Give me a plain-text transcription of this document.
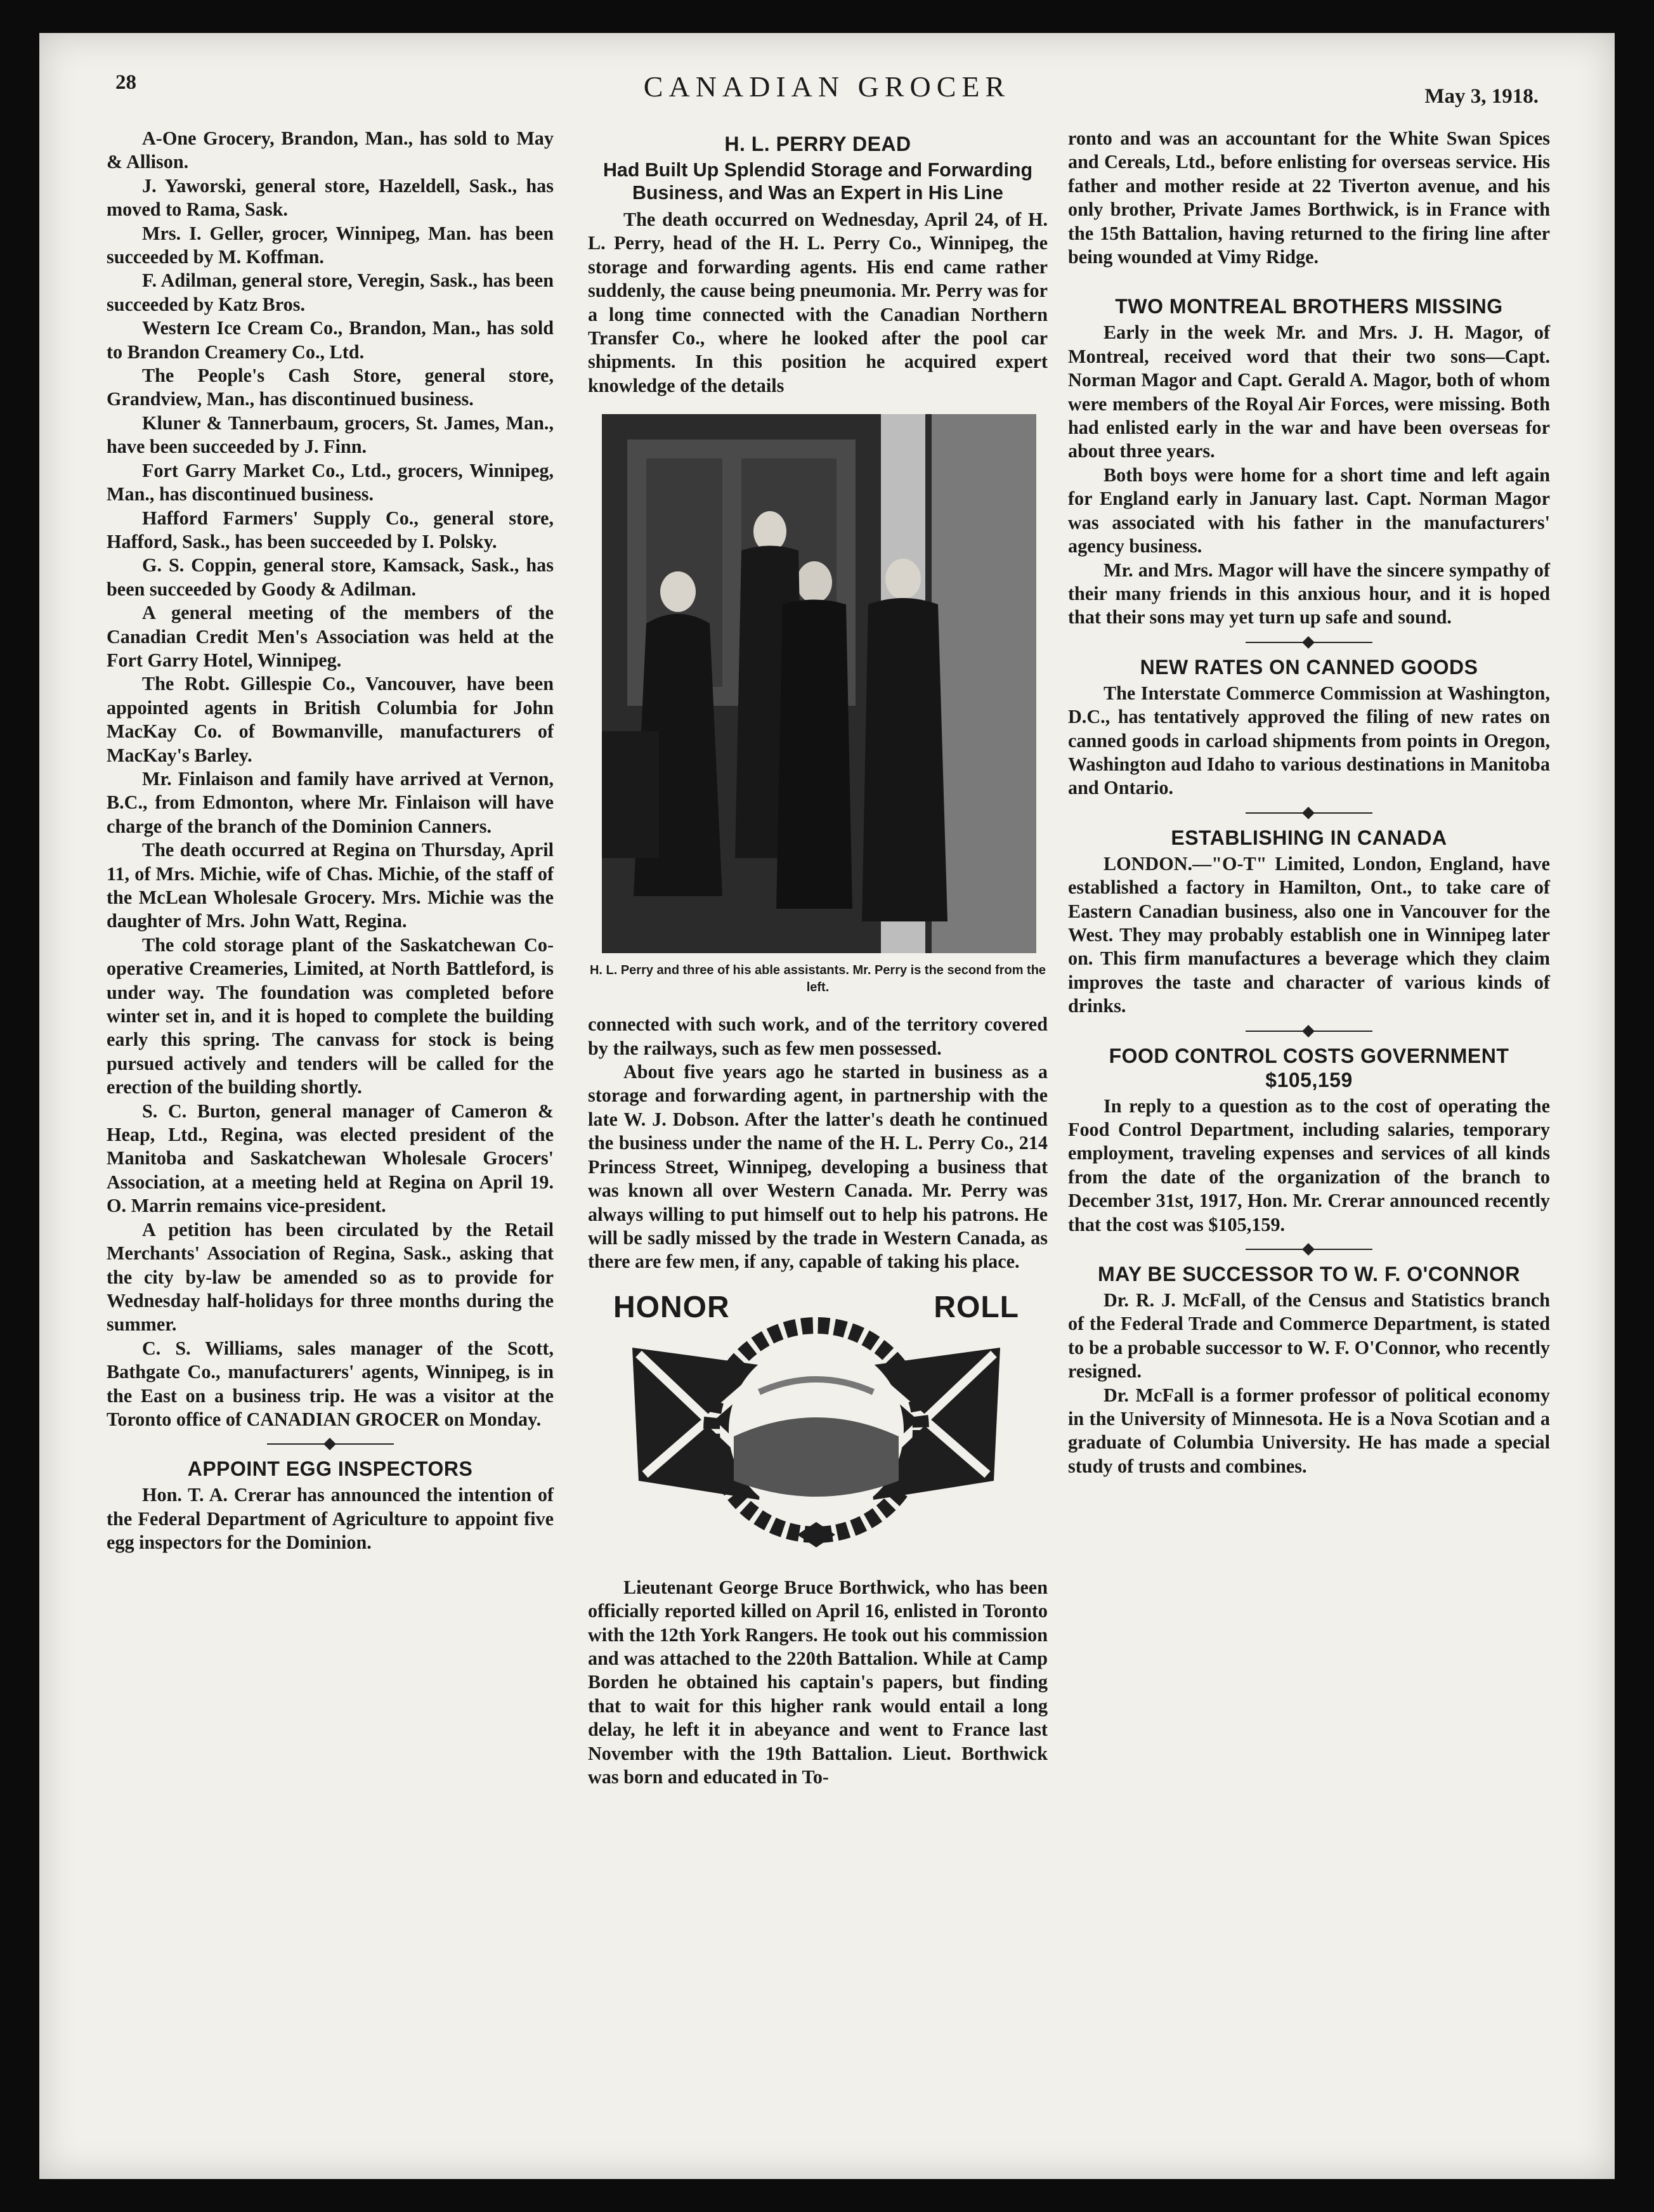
28	CANADIAN GROCER	May 3, 1918.

A-One Grocery, Brandon, Man., has sold to May & Allison.

J. Yaworski, general store, Hazeldell, Sask., has moved to Rama, Sask.

Mrs. I. Geller, grocer, Winnipeg, Man. has been succeeded by M. Koffman.

F. Adilman, general store, Veregin, Sask., has been succeeded by Katz Bros.

Western Ice Cream Co., Brandon, Man., has sold to Brandon Creamery Co., Ltd.

The People's Cash Store, general store, Grandview, Man., has discontinued business.

Kluner & Tannerbaum, grocers, St. James, Man., have been succeeded by J. Finn.

Fort Garry Market Co., Ltd., grocers, Winnipeg, Man., has discontinued business.

Hafford Farmers' Supply Co., general store, Hafford, Sask., has been succeeded by I. Polsky.

G. S. Coppin, general store, Kamsack, Sask., has been succeeded by Goody & Adilman.

A general meeting of the members of the Canadian Credit Men's Association was held at the Fort Garry Hotel, Winnipeg.

The Robt. Gillespie Co., Vancouver, have been appointed agents in British Columbia for John MacKay Co. of Bowmanville, manufacturers of MacKay's Barley.

Mr. Finlaison and family have arrived at Vernon, B.C., from Edmonton, where Mr. Finlaison will have charge of the branch of the Dominion Canners.

The death occurred at Regina on Thursday, April 11, of Mrs. Michie, wife of Chas. Michie, of the staff of the McLean Wholesale Grocery. Mrs. Michie was the daughter of Mrs. John Watt, Regina.

The cold storage plant of the Saskatchewan Co-operative Creameries, Limited, at North Battleford, is under way. The foundation was completed before winter set in, and it is hoped to complete the building early this spring. The canvass for stock is being pursued actively and tenders will be called for the erection of the building shortly.

S. C. Burton, general manager of Cameron & Heap, Ltd., Regina, was elected president of the Manitoba and Saskatchewan Wholesale Grocers' Association, at a meeting held at Regina on April 19. O. Marrin remains vice-president.

A petition has been circulated by the Retail Merchants' Association of Regina, Sask., asking that the city by-law be amended so as to provide for Wednesday half-holidays for three months during the summer.

C. S. Williams, sales manager of the Scott, Bathgate Co., manufacturers' agents, Winnipeg, is in the East on a business trip. He was a visitor at the Toronto office of CANADIAN GROCER on Monday.

APPOINT EGG INSPECTORS

Hon. T. A. Crerar has announced the intention of the Federal Department of Agriculture to appoint five egg inspectors for the Dominion.

H. L. PERRY DEAD
Had Built Up Splendid Storage and Forwarding Business, and Was an Expert in His Line

The death occurred on Wednesday, April 24, of H. L. Perry, head of the H. L. Perry Co., Winnipeg, the storage and forwarding agents. His end came rather suddenly, the cause being pneumonia. Mr. Perry was for a long time connected with the Canadian Northern Transfer Co., where he looked after the pool car shipments. In this position he acquired expert knowledge of the details

H. L. Perry and three of his able assistants. Mr. Perry is the second from the left.

connected with such work, and of the territory covered by the railways, such as few men possessed.

About five years ago he started in business as a storage and forwarding agent, in partnership with the late W. J. Dobson. After the latter's death he continued the business under the name of the H. L. Perry Co., 214 Princess Street, Winnipeg, developing a business that was known all over Western Canada. Mr. Perry was always willing to put himself out to help his patrons. He will be sadly missed by the trade in Western Canada, as there are few men, if any, capable of taking his place.

HONOR	ROLL

Lieutenant George Bruce Borthwick, who has been officially reported killed on April 16, enlisted in Toronto with the 12th York Rangers. He took out his commission and was attached to the 220th Battalion. While at Camp Borden he obtained his captain's papers, but finding that to wait for this higher rank would entail a long delay, he left it in abeyance and went to France last November with the 19th Battalion. Lieut. Borthwick was born and educated in To-

ronto and was an accountant for the White Swan Spices and Cereals, Ltd., before enlisting for overseas service. His father and mother reside at 22 Tiverton avenue, and his only brother, Private James Borthwick, is in France with the 15th Battalion, having returned to the firing line after being wounded at Vimy Ridge.

TWO MONTREAL BROTHERS MISSING

Early in the week Mr. and Mrs. J. H. Magor, of Montreal, received word that their two sons—Capt. Norman Magor and Capt. Gerald A. Magor, both of whom were members of the Royal Air Forces, were missing. Both had enlisted early in the war and have been overseas for about three years.

Both boys were home for a short time and left again for England early in January last. Capt. Norman Magor was associated with his father in the manufacturers' agency business.

Mr. and Mrs. Magor will have the sincere sympathy of their many friends in this anxious hour, and it is hoped that their sons may yet turn up safe and sound.

NEW RATES ON CANNED GOODS

The Interstate Commerce Commission at Washington, D.C., has tentatively approved the filing of new rates on canned goods in carload shipments from points in Oregon, Washington aud Idaho to various destinations in Manitoba and Ontario.

ESTABLISHING IN CANADA

LONDON.—"O-T" Limited, London, England, have established a factory in Hamilton, Ont., to take care of Eastern Canadian business, also one in Vancouver for the West. They may probably establish one in Winnipeg later on. This firm manufactures a beverage which they claim improves the taste and character of various kinds of drinks.

FOOD CONTROL COSTS GOVERNMENT $105,159

In reply to a question as to the cost of operating the Food Control Department, including salaries, temporary employment, traveling expenses and services of all kinds from the date of the organization of the branch to December 31st, 1917, Hon. Mr. Crerar announced recently that the cost was $105,159.

MAY BE SUCCESSOR TO W. F. O'CONNOR

Dr. R. J. McFall, of the Census and Statistics branch of the Federal Trade and Commerce Department, is stated to be a probable successor to W. F. O'Connor, who recently resigned.

Dr. McFall is a former professor of political economy in the University of Minnesota. He is a Nova Scotian and a graduate of Columbia University. He has made a special study of trusts and combines.
